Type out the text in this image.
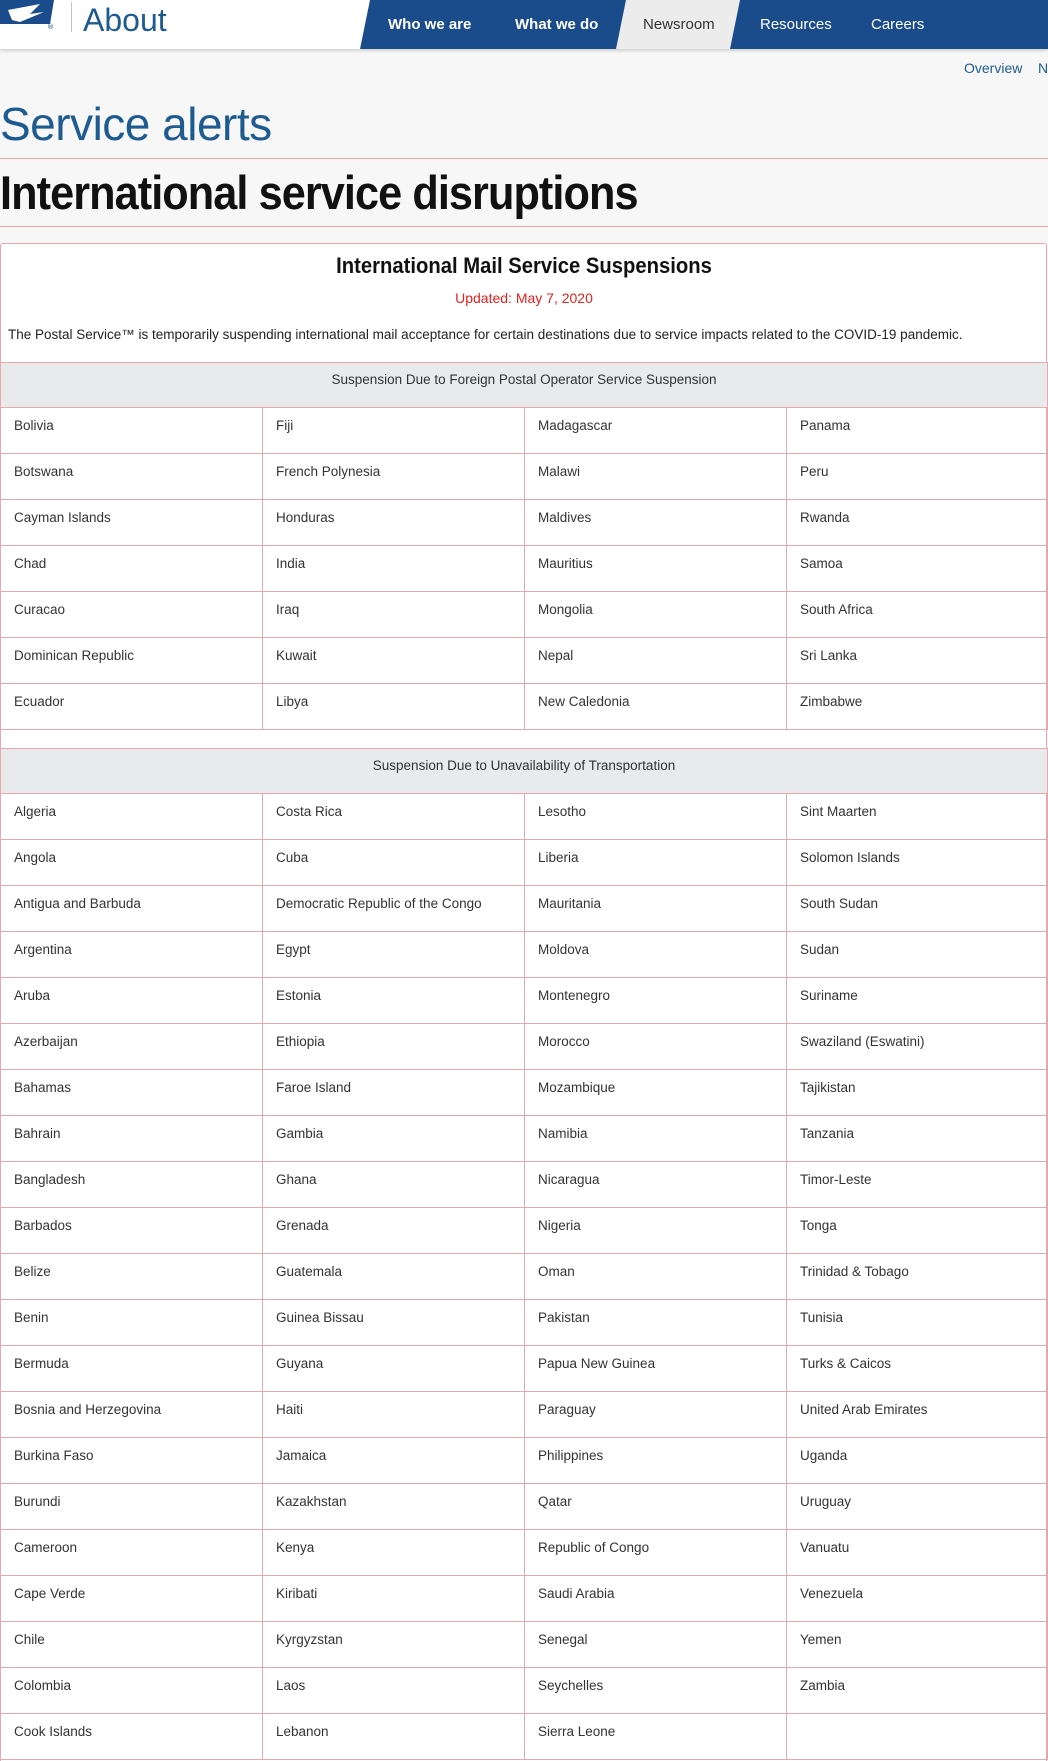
® About	Who we are	What we do	Newsroom	Resources	Careers
Overview N
Service alerts
International service disruptions
International Mail Service Suspensions
Updated: May 7, 2020
The Postal Service™ is temporarily suspending international mail acceptance for certain destinations due to service impacts related to the COVID-19 pandemic.
Suspension Due to Foreign Postal Operator Service Suspension			
Bolivia	Fiji	Madagascar	Panama
Botswana	French Polynesia	Malawi	Peru
Cayman Islands	Honduras	Maldives	Rwanda
Chad	India	Mauritius	Samoa
Curacao	Iraq	Mongolia	South Africa
Dominican Republic	Kuwait	Nepal	Sri Lanka
Ecuador	Libya	New Caledonia	Zimbabwe
Suspension Due to Unavailability of Transportation			
Algeria	Costa Rica	Lesotho	Sint Maarten
Angola	Cuba	Liberia	Solomon Islands
Antigua and Barbuda	Democratic Republic of the Congo	Mauritania	South Sudan
Argentina	Egypt	Moldova	Sudan
Aruba	Estonia	Montenegro	Suriname
Azerbaijan	Ethiopia	Morocco	Swaziland (Eswatini)
Bahamas	Faroe Island	Mozambique	Tajikistan
Bahrain	Gambia	Namibia	Tanzania
Bangladesh	Ghana	Nicaragua	Timor-Leste
Barbados	Grenada	Nigeria	Tonga
Belize	Guatemala	Oman	Trinidad & Tobago
Benin	Guinea Bissau	Pakistan	Tunisia
Bermuda	Guyana	Papua New Guinea	Turks & Caicos
Bosnia and Herzegovina	Haiti	Paraguay	United Arab Emirates
Burkina Faso	Jamaica	Philippines	Uganda
Burundi	Kazakhstan	Qatar	Uruguay
Cameroon	Kenya	Republic of Congo	Vanuatu
Cape Verde	Kiribati	Saudi Arabia	Venezuela
Chile	Kyrgyzstan	Senegal	Yemen
Colombia	Laos	Seychelles	Zambia
Cook Islands	Lebanon	Sierra Leone	
